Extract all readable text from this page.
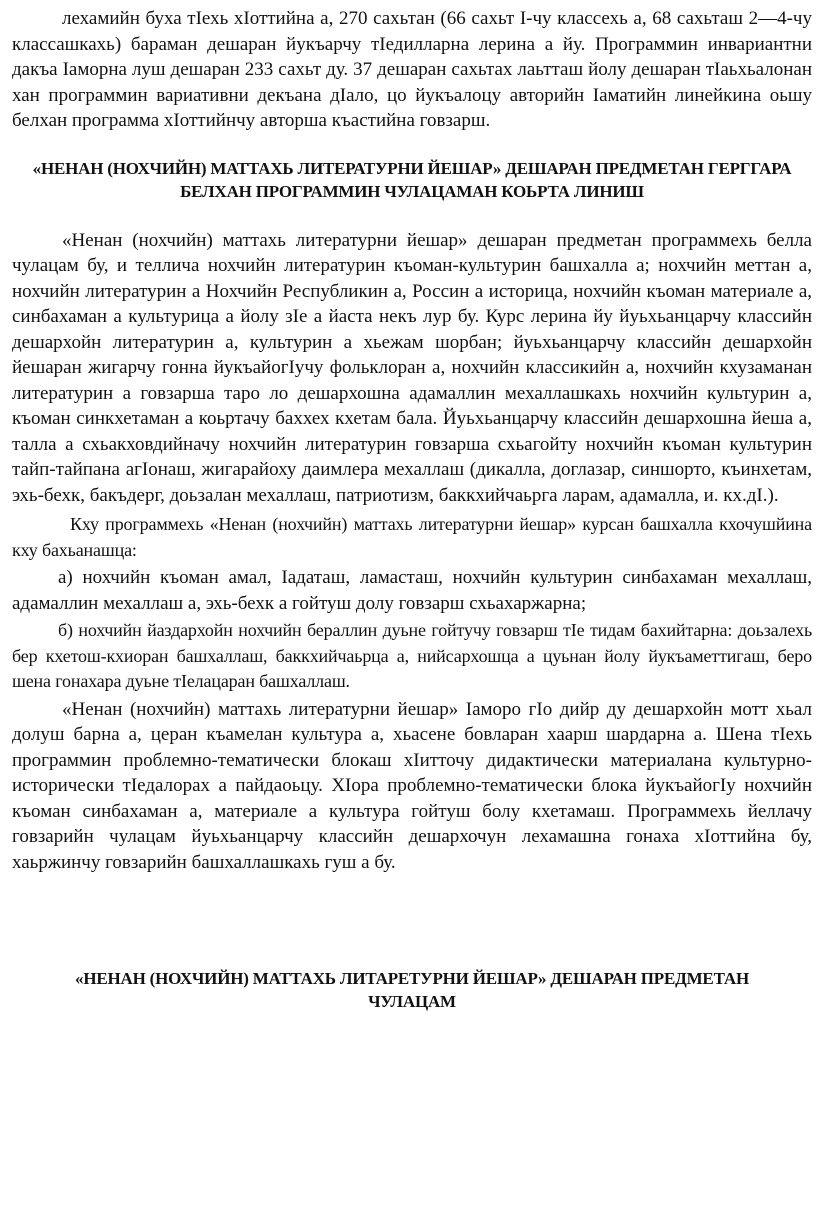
лехамийн буха тIехь хIоттийна а, 270 сахьтан (66 сахьт I-чу классехь а, 68 сахьташ 2—4-чу классашкахь) бараман дешаран йукъарчу тIедилларна лерина а йу. Программин инвариантни дакъа Iаморна луш дешаран 233 сахьт ду. 37 дешаран сахьтах лаьтташ йолу дешаран тIаьхьалонан хан программин вариативни декъана дIало, цо йукъалоцу авторийн Iаматийн линейкина оьшу белхан программа хIоттийнчу авторша къастийна говзарш.

«НЕНАН (НОХЧИЙН) МАТТАХЬ ЛИТЕРАТУРНИ ЙЕШАР» ДЕШАРАН ПРЕДМЕТАН ГЕРГГАРА БЕЛХАН ПРОГРАММИН ЧУЛАЦАМАН КОЬРТА ЛИНИШ

«Ненан (нохчийн) маттахь литературни йешар» дешаран предметан программехь белла чулацам бу, и теллича нохчийн литературин къоман-культурин башхалла а; нохчийн меттан а, нохчийн литературин а Нохчийн Республикин а, Россин а историца, нохчийн къоман материале а, синбахаман а культурица а йолу зIе а йаста некъ лур бу. Курс лерина йу йуьхьанцарчу классийн дешархойн литературин а, культурин а хьежам шорбан; йуьхьанцарчу классийн дешархойн йешаран жигарчу гонна йукъайогIучу фольклоран а, нохчийн классикийн а, нохчийн кхузаманан литературин а говзарша таро ло дешархошна адамаллин мехаллашкахь нохчийн культурин а, къоман синкхетаман а коьртачу баххех кхетам бала. Йуьхьанцарчу классийн дешархошна йеша а, талла а схьакховдийначу нохчийн литературин говзарша схьагойту нохчийн къоман культурин тайп-тайпана агIонаш, жигарайоху даимлера мехаллаш (дикалла, доглазар, синшорто, къинхетам, эхь-бехк, бакъдерг, доьзалан мехаллаш, патриотизм, баккхийчаьрга ларам, адамалла, и. кх.дI.).

Кху программехь «Ненан (нохчийн) маттахь литературни йешар» курсан башхалла кхочушйина кху бахьанашца:

а) нохчийн къоман амал, Iадаташ, ламасташ, нохчийн культурин синбахаман мехаллаш, адамаллин мехаллаш а, эхь-бехк а гойтуш долу говзарш схьахаржарна;

б) нохчийн йаздархойн нохчийн бераллин дуьне гойтучу говзарш тIе тидам бахийтарна: доьзалехь бер кхетош-кхиоран башхаллаш, баккхийчаьрца а, нийсархошца а цуьнан йолу йукъаметтигаш, беро шена гонахара дуьне тIелацаран башхаллаш.

«Ненан (нохчийн) маттахь литературни йешар» Iаморо гIо дийр ду дешархойн мотт хьал долуш барна а, церан къамелан культура а, хьасене бовларан хаарш шардарна а. Шена тIехь программин проблемно-тематически блокаш хIитточу дидактически материалана культурно-исторически тIедалорах а пайдаоьцу. ХIора проблемно-тематически блока йукъайогIу нохчийн къоман синбахаман а, материале а культура гойтуш болу кхетамаш. Программехь йеллачу говзарийн чулацам йуьхьанцарчу классийн дешархочун лехамашна гонаха хIоттийна бу, хаьржинчу говзарийн башхаллашкахь гуш а бу.

«НЕНАН (НОХЧИЙН) МАТТАХЬ ЛИТАРЕТУРНИ ЙЕШАР» ДЕШАРАН ПРЕДМЕТАН ЧУЛАЦАМ
